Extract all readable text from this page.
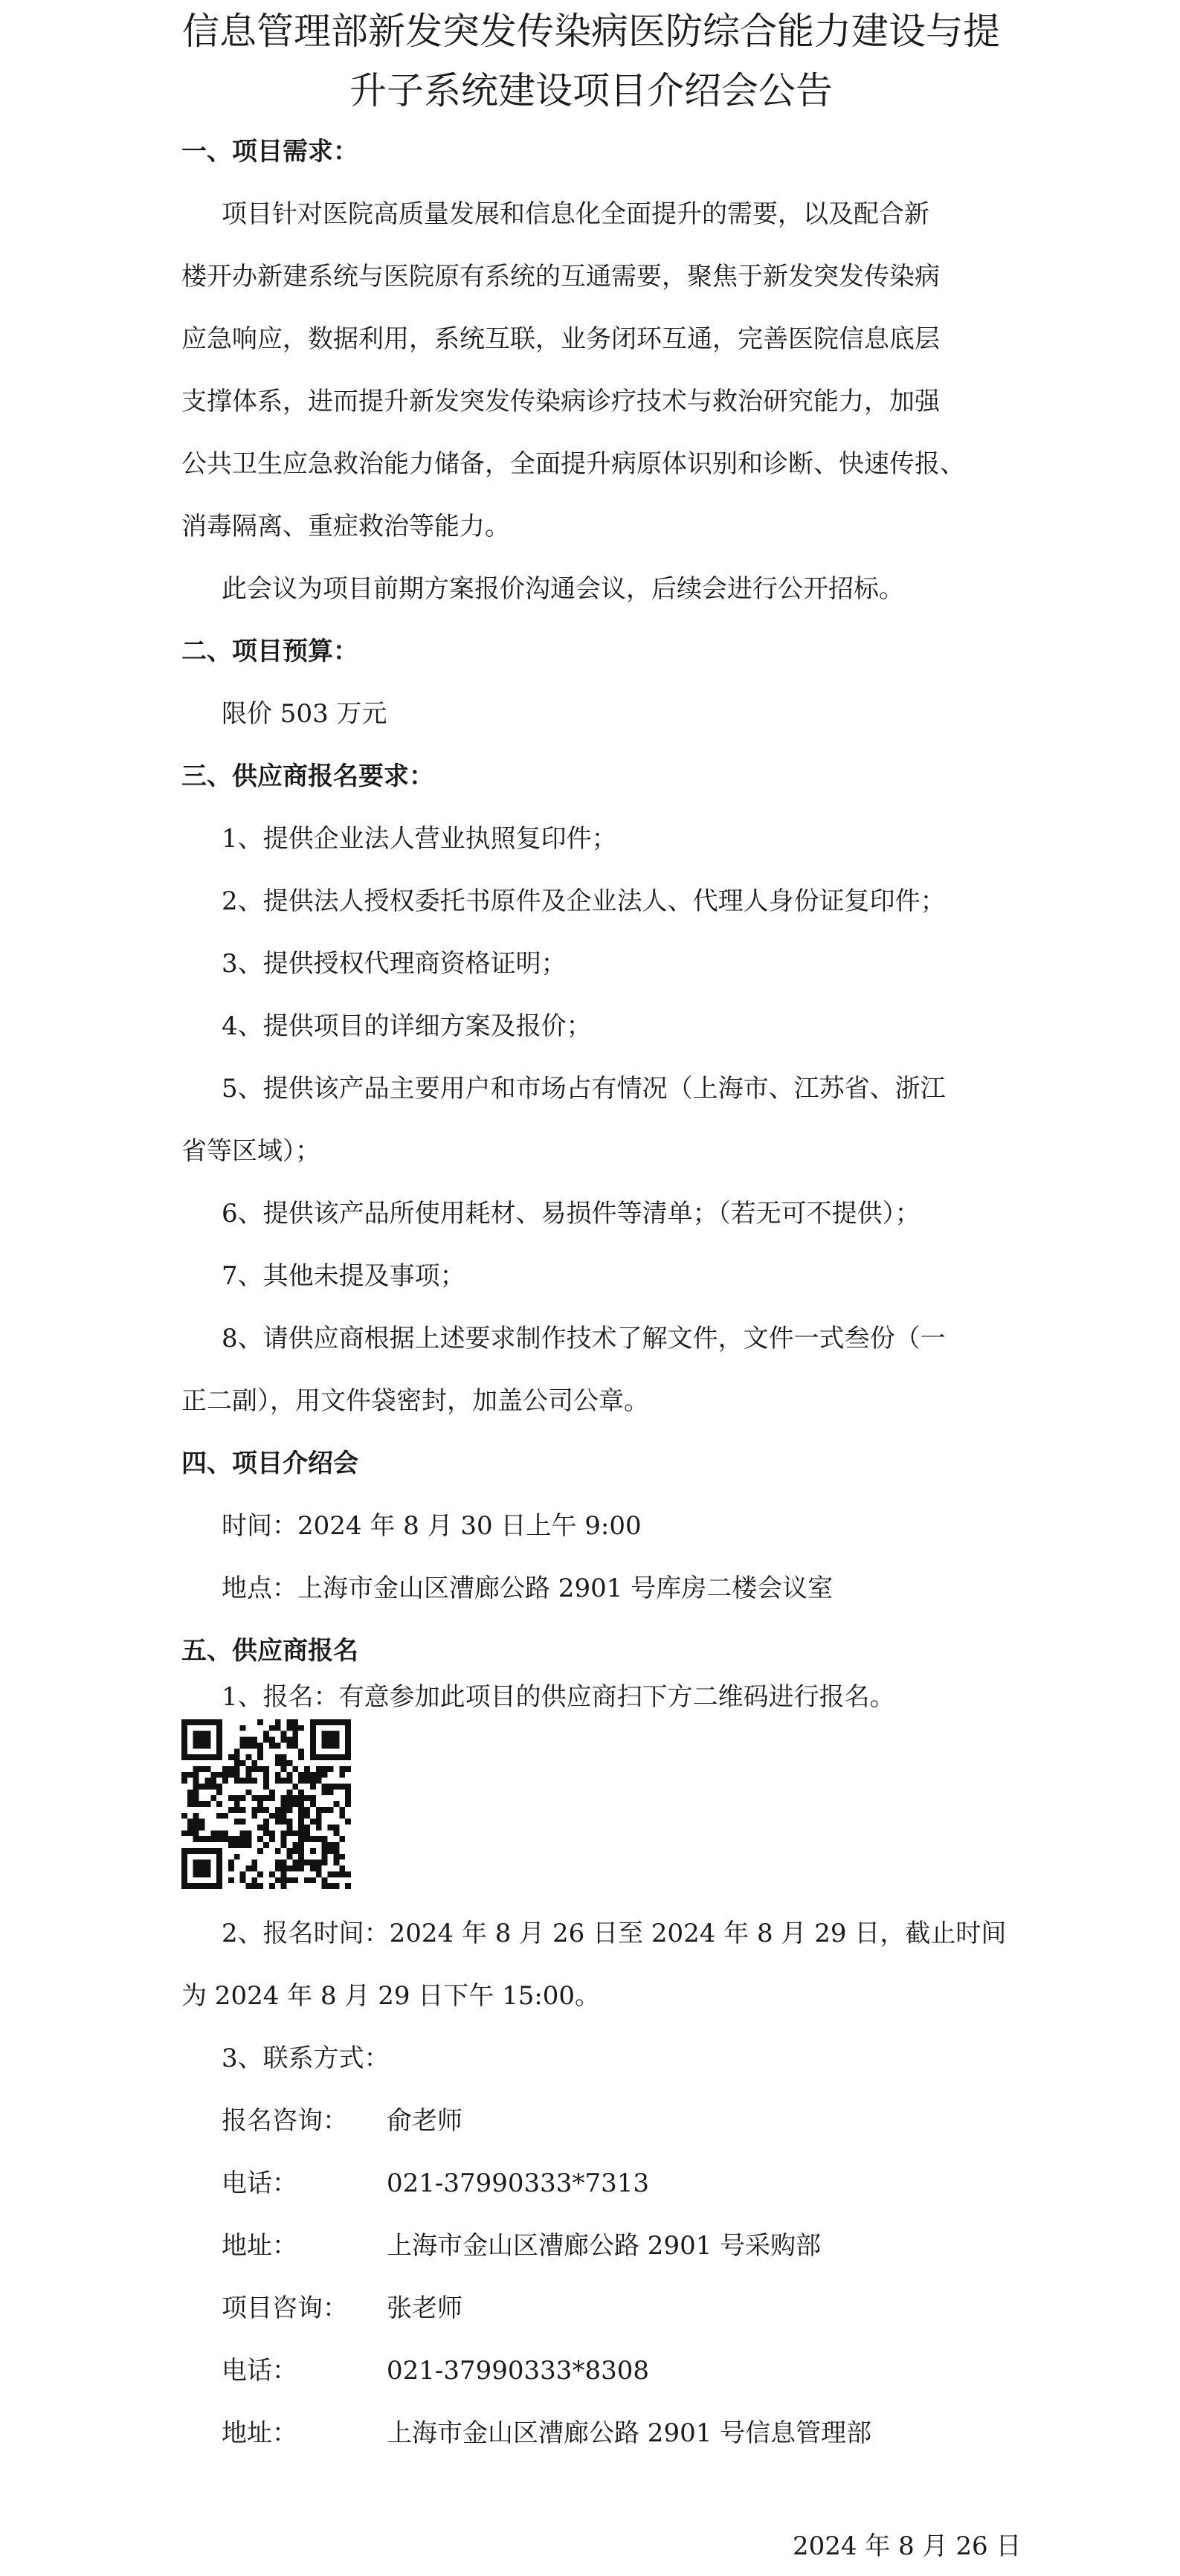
信息管理部新发突发传染病医防综合能力建设与提
升子系统建设项目介绍会公告
一、项目需求：
项目针对医院高质量发展和信息化全面提升的需要，以及配合新
楼开办新建系统与医院原有系统的互通需要，聚焦于新发突发传染病
应急响应，数据利用，系统互联，业务闭环互通，完善医院信息底层
支撑体系，进而提升新发突发传染病诊疗技术与救治研究能力，加强
公共卫生应急救治能力储备，全面提升病原体识别和诊断、快速传报、
消毒隔离、重症救治等能力。
此会议为项目前期方案报价沟通会议，后续会进行公开招标。
二、项目预算：
限价 503 万元
三、供应商报名要求：
1、提供企业法人营业执照复印件；
2、提供法人授权委托书原件及企业法人、代理人身份证复印件；
3、提供授权代理商资格证明；
4、提供项目的详细方案及报价；
5、提供该产品主要用户和市场占有情况（上海市、江苏省、浙江
省等区域）；
6、提供该产品所使用耗材、易损件等清单；（若无可不提供）；
7、其他未提及事项；
8、请供应商根据上述要求制作技术了解文件，文件一式叁份（一
正二副），用文件袋密封，加盖公司公章。
四、项目介绍会
时间：2024 年 8 月 30 日上午 9:00
地点：上海市金山区漕廊公路 2901 号库房二楼会议室
五、供应商报名
1、报名：有意参加此项目的供应商扫下方二维码进行报名。
2、报名时间：2024 年 8 月 26 日至 2024 年 8 月 29 日，截止时间
为 2024 年 8 月 29 日下午 15:00。
3、联系方式：
报名咨询： 俞老师
电话：	021-37990333*7313
地址：	上海市金山区漕廊公路 2901 号采购部
项目咨询： 张老师
电话：	021-37990333*8308
地址：	上海市金山区漕廊公路 2901 号信息管理部
2024 年 8 月 26 日
